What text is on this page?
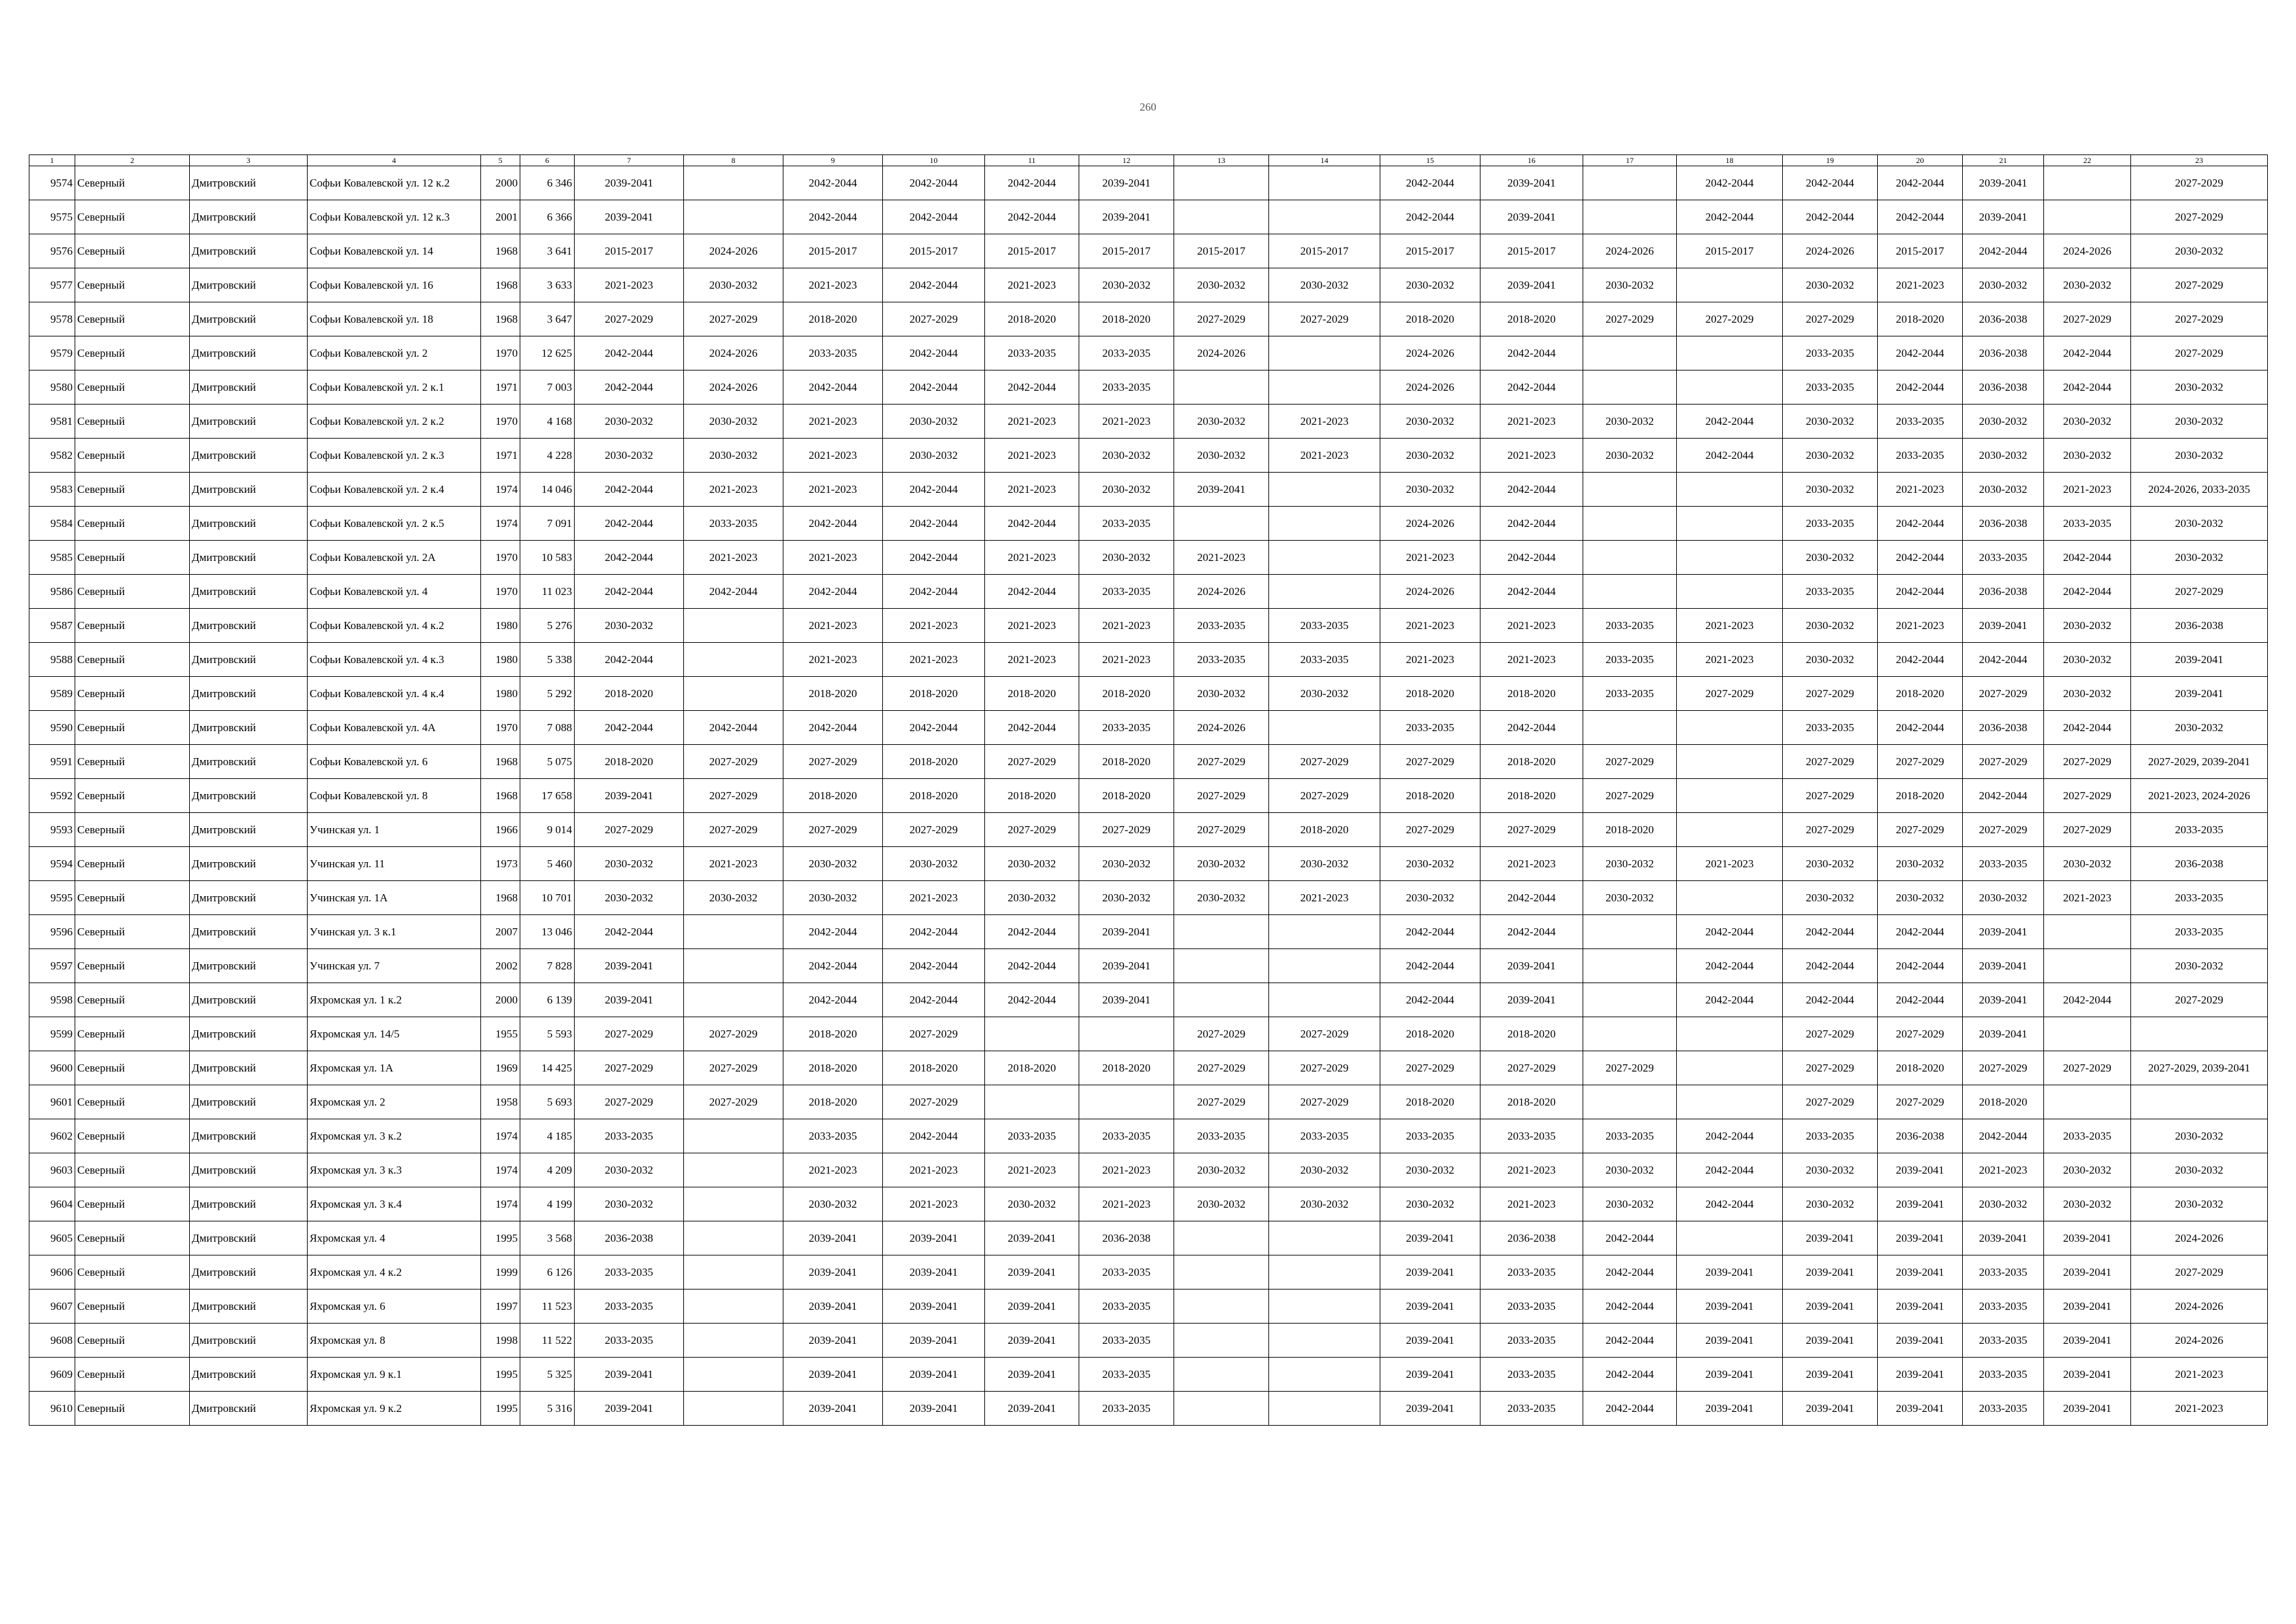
260
1	2	3	4	5	6	7	8	9	10	11	12	13	14	15	16	17	18	19	20	21	22	23
9574	Северный	Дмитровский	Софьи Ковалевской ул. 12 к.2	2000	6 346	2039-2041		2042-2044	2042-2044	2042-2044	2039-2041			2042-2044	2039-2041		2042-2044	2042-2044	2042-2044	2039-2041		2027-2029
9575	Северный	Дмитровский	Софьи Ковалевской ул. 12 к.3	2001	6 366	2039-2041		2042-2044	2042-2044	2042-2044	2039-2041			2042-2044	2039-2041		2042-2044	2042-2044	2042-2044	2039-2041		2027-2029
9576	Северный	Дмитровский	Софьи Ковалевской ул. 14	1968	3 641	2015-2017	2024-2026	2015-2017	2015-2017	2015-2017	2015-2017	2015-2017	2015-2017	2015-2017	2015-2017	2024-2026	2015-2017	2024-2026	2015-2017	2042-2044	2024-2026	2030-2032
9577	Северный	Дмитровский	Софьи Ковалевской ул. 16	1968	3 633	2021-2023	2030-2032	2021-2023	2042-2044	2021-2023	2030-2032	2030-2032	2030-2032	2030-2032	2039-2041	2030-2032		2030-2032	2021-2023	2030-2032	2030-2032	2027-2029
9578	Северный	Дмитровский	Софьи Ковалевской ул. 18	1968	3 647	2027-2029	2027-2029	2018-2020	2027-2029	2018-2020	2018-2020	2027-2029	2027-2029	2018-2020	2018-2020	2027-2029	2027-2029	2027-2029	2018-2020	2036-2038	2027-2029	2027-2029
9579	Северный	Дмитровский	Софьи Ковалевской ул. 2	1970	12 625	2042-2044	2024-2026	2033-2035	2042-2044	2033-2035	2033-2035	2024-2026		2024-2026	2042-2044			2033-2035	2042-2044	2036-2038	2042-2044	2027-2029
9580	Северный	Дмитровский	Софьи Ковалевской ул. 2 к.1	1971	7 003	2042-2044	2024-2026	2042-2044	2042-2044	2042-2044	2033-2035			2024-2026	2042-2044			2033-2035	2042-2044	2036-2038	2042-2044	2030-2032
9581	Северный	Дмитровский	Софьи Ковалевской ул. 2 к.2	1970	4 168	2030-2032	2030-2032	2021-2023	2030-2032	2021-2023	2021-2023	2030-2032	2021-2023	2030-2032	2021-2023	2030-2032	2042-2044	2030-2032	2033-2035	2030-2032	2030-2032	2030-2032
9582	Северный	Дмитровский	Софьи Ковалевской ул. 2 к.3	1971	4 228	2030-2032	2030-2032	2021-2023	2030-2032	2021-2023	2030-2032	2030-2032	2021-2023	2030-2032	2021-2023	2030-2032	2042-2044	2030-2032	2033-2035	2030-2032	2030-2032	2030-2032
9583	Северный	Дмитровский	Софьи Ковалевской ул. 2 к.4	1974	14 046	2042-2044	2021-2023	2021-2023	2042-2044	2021-2023	2030-2032	2039-2041		2030-2032	2042-2044			2030-2032	2021-2023	2030-2032	2021-2023	2024-2026, 2033-2035
9584	Северный	Дмитровский	Софьи Ковалевской ул. 2 к.5	1974	7 091	2042-2044	2033-2035	2042-2044	2042-2044	2042-2044	2033-2035			2024-2026	2042-2044			2033-2035	2042-2044	2036-2038	2033-2035	2030-2032
9585	Северный	Дмитровский	Софьи Ковалевской ул. 2А	1970	10 583	2042-2044	2021-2023	2021-2023	2042-2044	2021-2023	2030-2032	2021-2023		2021-2023	2042-2044			2030-2032	2042-2044	2033-2035	2042-2044	2030-2032
9586	Северный	Дмитровский	Софьи Ковалевской ул. 4	1970	11 023	2042-2044	2042-2044	2042-2044	2042-2044	2042-2044	2033-2035	2024-2026		2024-2026	2042-2044			2033-2035	2042-2044	2036-2038	2042-2044	2027-2029
9587	Северный	Дмитровский	Софьи Ковалевской ул. 4 к.2	1980	5 276	2030-2032		2021-2023	2021-2023	2021-2023	2021-2023	2033-2035	2033-2035	2021-2023	2021-2023	2033-2035	2021-2023	2030-2032	2021-2023	2039-2041	2030-2032	2036-2038
9588	Северный	Дмитровский	Софьи Ковалевской ул. 4 к.3	1980	5 338	2042-2044		2021-2023	2021-2023	2021-2023	2021-2023	2033-2035	2033-2035	2021-2023	2021-2023	2033-2035	2021-2023	2030-2032	2042-2044	2042-2044	2030-2032	2039-2041
9589	Северный	Дмитровский	Софьи Ковалевской ул. 4 к.4	1980	5 292	2018-2020		2018-2020	2018-2020	2018-2020	2018-2020	2030-2032	2030-2032	2018-2020	2018-2020	2033-2035	2027-2029	2027-2029	2018-2020	2027-2029	2030-2032	2039-2041
9590	Северный	Дмитровский	Софьи Ковалевской ул. 4А	1970	7 088	2042-2044	2042-2044	2042-2044	2042-2044	2042-2044	2033-2035	2024-2026		2033-2035	2042-2044			2033-2035	2042-2044	2036-2038	2042-2044	2030-2032
9591	Северный	Дмитровский	Софьи Ковалевской ул. 6	1968	5 075	2018-2020	2027-2029	2027-2029	2018-2020	2027-2029	2018-2020	2027-2029	2027-2029	2027-2029	2018-2020	2027-2029		2027-2029	2027-2029	2027-2029	2027-2029	2027-2029, 2039-2041
9592	Северный	Дмитровский	Софьи Ковалевской ул. 8	1968	17 658	2039-2041	2027-2029	2018-2020	2018-2020	2018-2020	2018-2020	2027-2029	2027-2029	2018-2020	2018-2020	2027-2029		2027-2029	2018-2020	2042-2044	2027-2029	2021-2023, 2024-2026
9593	Северный	Дмитровский	Учинская ул. 1	1966	9 014	2027-2029	2027-2029	2027-2029	2027-2029	2027-2029	2027-2029	2027-2029	2018-2020	2027-2029	2027-2029	2018-2020		2027-2029	2027-2029	2027-2029	2027-2029	2033-2035
9594	Северный	Дмитровский	Учинская ул. 11	1973	5 460	2030-2032	2021-2023	2030-2032	2030-2032	2030-2032	2030-2032	2030-2032	2030-2032	2030-2032	2021-2023	2030-2032	2021-2023	2030-2032	2030-2032	2033-2035	2030-2032	2036-2038
9595	Северный	Дмитровский	Учинская ул. 1А	1968	10 701	2030-2032	2030-2032	2030-2032	2021-2023	2030-2032	2030-2032	2030-2032	2021-2023	2030-2032	2042-2044	2030-2032		2030-2032	2030-2032	2030-2032	2021-2023	2033-2035
9596	Северный	Дмитровский	Учинская ул. 3 к.1	2007	13 046	2042-2044		2042-2044	2042-2044	2042-2044	2039-2041			2042-2044	2042-2044		2042-2044	2042-2044	2042-2044	2039-2041		2033-2035
9597	Северный	Дмитровский	Учинская ул. 7	2002	7 828	2039-2041		2042-2044	2042-2044	2042-2044	2039-2041			2042-2044	2039-2041		2042-2044	2042-2044	2042-2044	2039-2041		2030-2032
9598	Северный	Дмитровский	Яхромская ул. 1 к.2	2000	6 139	2039-2041		2042-2044	2042-2044	2042-2044	2039-2041			2042-2044	2039-2041		2042-2044	2042-2044	2042-2044	2039-2041	2042-2044	2027-2029
9599	Северный	Дмитровский	Яхромская ул. 14/5	1955	5 593	2027-2029	2027-2029	2018-2020	2027-2029			2027-2029	2027-2029	2018-2020	2018-2020			2027-2029	2027-2029	2039-2041		
9600	Северный	Дмитровский	Яхромская ул. 1А	1969	14 425	2027-2029	2027-2029	2018-2020	2018-2020	2018-2020	2018-2020	2027-2029	2027-2029	2027-2029	2027-2029	2027-2029		2027-2029	2018-2020	2027-2029	2027-2029	2027-2029, 2039-2041
9601	Северный	Дмитровский	Яхромская ул. 2	1958	5 693	2027-2029	2027-2029	2018-2020	2027-2029			2027-2029	2027-2029	2018-2020	2018-2020			2027-2029	2027-2029	2018-2020		
9602	Северный	Дмитровский	Яхромская ул. 3 к.2	1974	4 185	2033-2035		2033-2035	2042-2044	2033-2035	2033-2035	2033-2035	2033-2035	2033-2035	2033-2035	2033-2035	2042-2044	2033-2035	2036-2038	2042-2044	2033-2035	2030-2032
9603	Северный	Дмитровский	Яхромская ул. 3 к.3	1974	4 209	2030-2032		2021-2023	2021-2023	2021-2023	2021-2023	2030-2032	2030-2032	2030-2032	2021-2023	2030-2032	2042-2044	2030-2032	2039-2041	2021-2023	2030-2032	2030-2032
9604	Северный	Дмитровский	Яхромская ул. 3 к.4	1974	4 199	2030-2032		2030-2032	2021-2023	2030-2032	2021-2023	2030-2032	2030-2032	2030-2032	2021-2023	2030-2032	2042-2044	2030-2032	2039-2041	2030-2032	2030-2032	2030-2032
9605	Северный	Дмитровский	Яхромская ул. 4	1995	3 568	2036-2038		2039-2041	2039-2041	2039-2041	2036-2038			2039-2041	2036-2038	2042-2044		2039-2041	2039-2041	2039-2041	2039-2041	2024-2026
9606	Северный	Дмитровский	Яхромская ул. 4 к.2	1999	6 126	2033-2035		2039-2041	2039-2041	2039-2041	2033-2035			2039-2041	2033-2035	2042-2044	2039-2041	2039-2041	2039-2041	2033-2035	2039-2041	2027-2029
9607	Северный	Дмитровский	Яхромская ул. 6	1997	11 523	2033-2035		2039-2041	2039-2041	2039-2041	2033-2035			2039-2041	2033-2035	2042-2044	2039-2041	2039-2041	2039-2041	2033-2035	2039-2041	2024-2026
9608	Северный	Дмитровский	Яхромская ул. 8	1998	11 522	2033-2035		2039-2041	2039-2041	2039-2041	2033-2035			2039-2041	2033-2035	2042-2044	2039-2041	2039-2041	2039-2041	2033-2035	2039-2041	2024-2026
9609	Северный	Дмитровский	Яхромская ул. 9 к.1	1995	5 325	2039-2041		2039-2041	2039-2041	2039-2041	2033-2035			2039-2041	2033-2035	2042-2044	2039-2041	2039-2041	2039-2041	2033-2035	2039-2041	2021-2023
9610	Северный	Дмитровский	Яхромская ул. 9 к.2	1995	5 316	2039-2041		2039-2041	2039-2041	2039-2041	2033-2035			2039-2041	2033-2035	2042-2044	2039-2041	2039-2041	2039-2041	2033-2035	2039-2041	2021-2023
